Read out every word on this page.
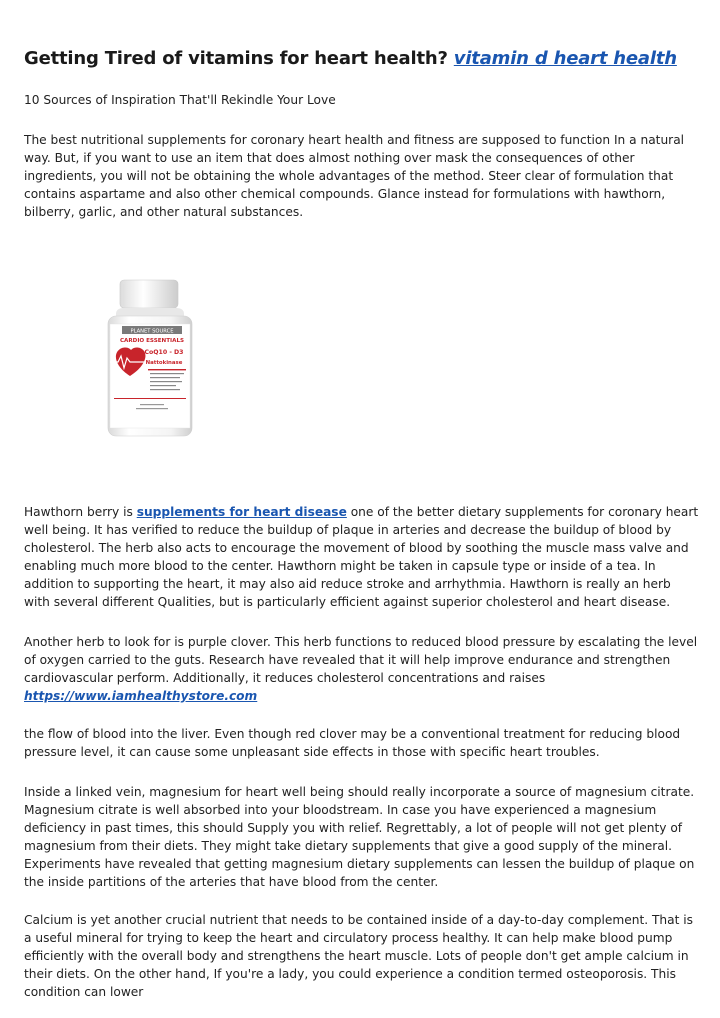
Getting Tired of vitamins for heart health? vitamin d heart health

10 Sources of Inspiration That'll Rekindle Your Love

The best nutritional supplements for coronary heart health and fitness are supposed to function In a natural way. But, if you want to use an item that does almost nothing over mask the consequences of other ingredients, you will not be obtaining the whole advantages of the method. Steer clear of formulation that contains aspartame and also other chemical compounds. Glance instead for formulations with hawthorn, bilberry, garlic, and other natural substances.

PLANET SOURCE
CARDIO ESSENTIALS
CoQ10 - D3
Nattokinase

Hawthorn berry is supplements for heart disease one of the better dietary supplements for coronary heart well being. It has verified to reduce the buildup of plaque in arteries and decrease the buildup of blood by cholesterol. The herb also acts to encourage the movement of blood by soothing the muscle mass valve and enabling much more blood to the center. Hawthorn might be taken in capsule type or inside of a tea. In addition to supporting the heart, it may also aid reduce stroke and arrhythmia. Hawthorn is really an herb with several different Qualities, but is particularly efficient against superior cholesterol and heart disease.

Another herb to look for is purple clover. This herb functions to reduced blood pressure by escalating the level of oxygen carried to the guts. Research have revealed that it will help improve endurance and strengthen cardiovascular perform. Additionally, it reduces cholesterol concentrations and raises
https://www.iamhealthystore.com

the flow of blood into the liver. Even though red clover may be a conventional treatment for reducing blood pressure level, it can cause some unpleasant side effects in those with specific heart troubles.

Inside a linked vein, magnesium for heart well being should really incorporate a source of magnesium citrate. Magnesium citrate is well absorbed into your bloodstream. In case you have experienced a magnesium deficiency in past times, this should Supply you with relief. Regrettably, a lot of people will not get plenty of magnesium from their diets. They might take dietary supplements that give a good supply of the mineral. Experiments have revealed that getting magnesium dietary supplements can lessen the buildup of plaque on the inside partitions of the arteries that have blood from the center.

Calcium is yet another crucial nutrient that needs to be contained inside of a day-to-day complement. That is a useful mineral for trying to keep the heart and circulatory process healthy. It can help make blood pump efficiently with the overall body and strengthens the heart muscle. Lots of people don't get ample calcium in their diets. On the other hand, If you're a lady, you could experience a condition termed osteoporosis. This condition can lower
